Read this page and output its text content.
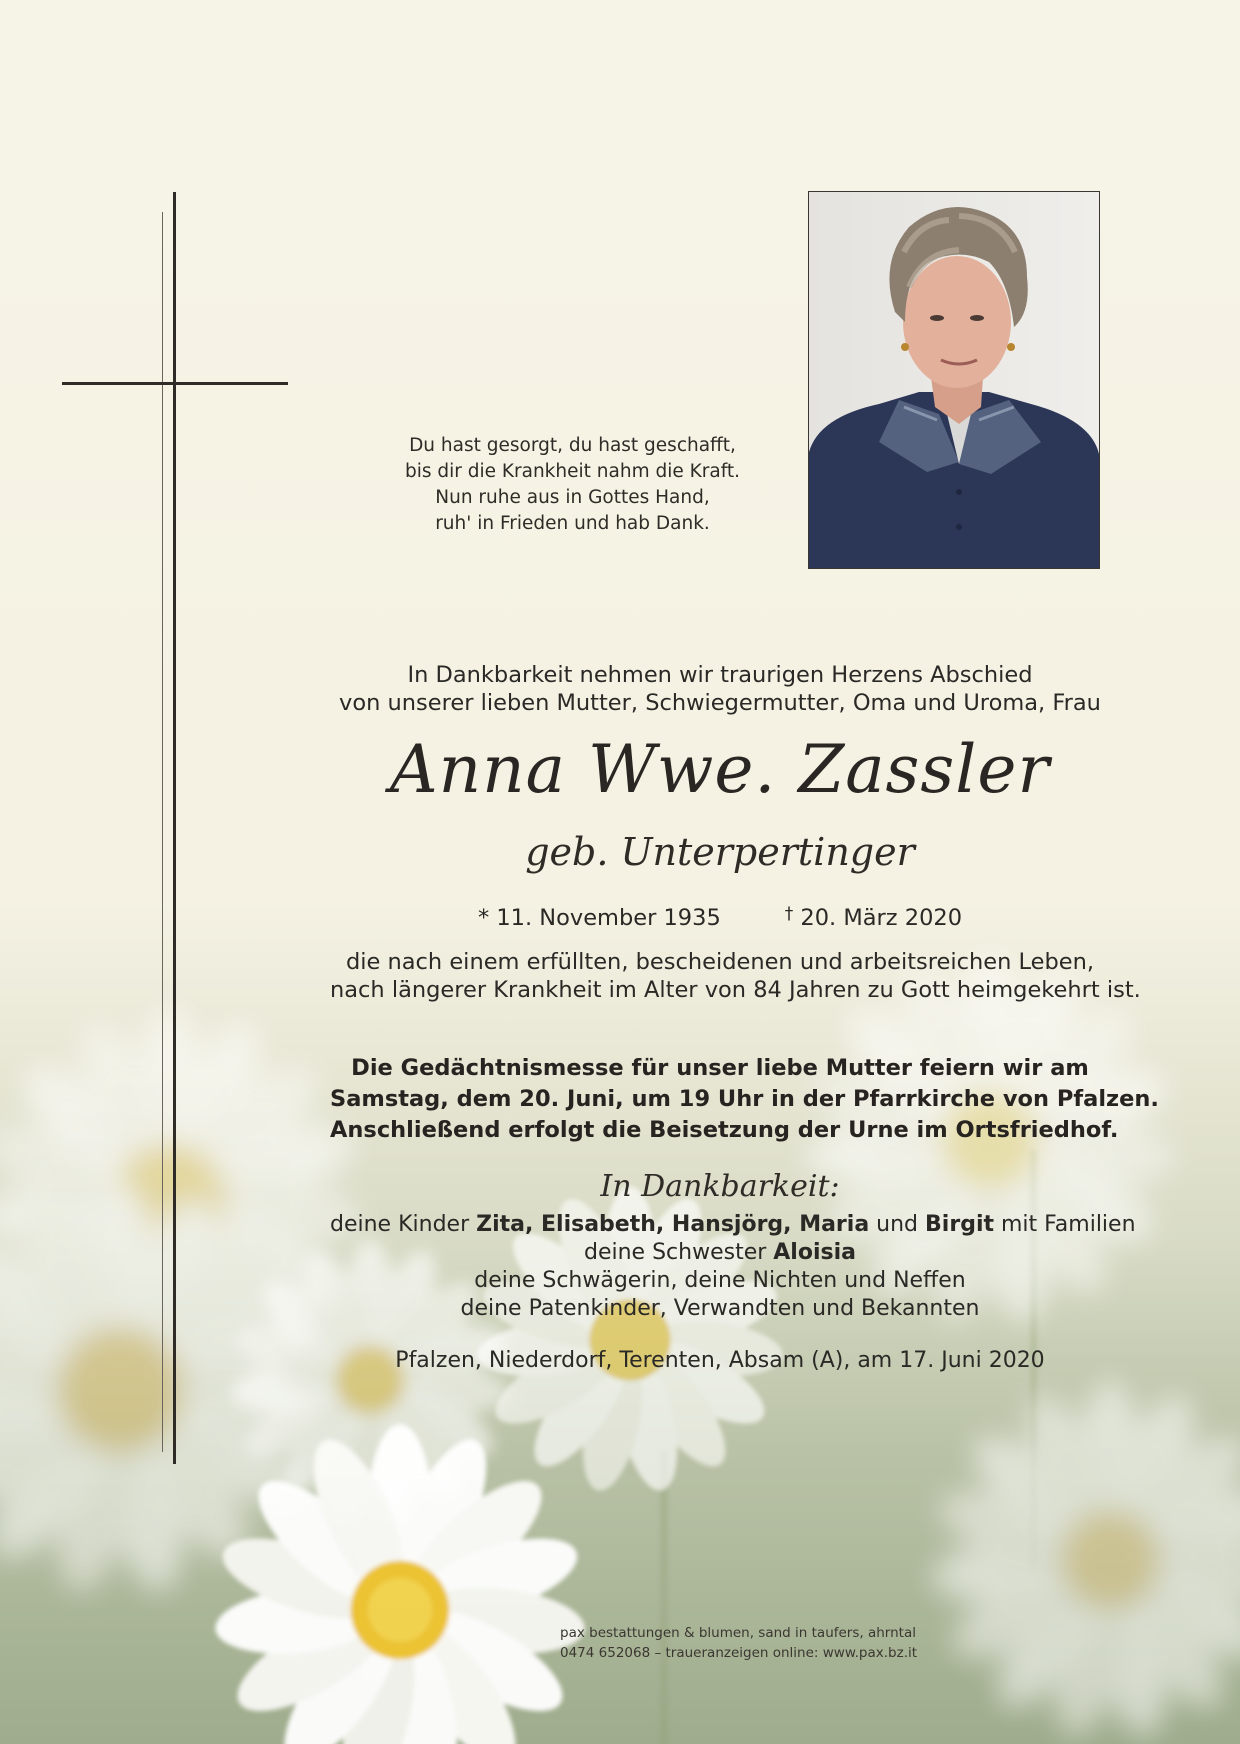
Du hast gesorgt, du hast geschafft,
bis dir die Krankheit nahm die Kraft.
Nun ruhe aus in Gottes Hand,
ruh' in Frieden und hab Dank.
In Dankbarkeit nehmen wir traurigen Herzens Abschied
von unserer lieben Mutter, Schwiegermutter, Oma und Uroma, Frau
Anna Wwe. Zassler
geb. Unterpertinger
* 11. November 1935	† 20. März 2020
die nach einem erfüllten, bescheidenen und arbeitsreichen Leben,
nach längerer Krankheit im Alter von 84 Jahren zu Gott heimgekehrt ist.
Die Gedächtnismesse für unser liebe Mutter feiern wir am
Samstag, dem 20. Juni, um 19 Uhr in der Pfarrkirche von Pfalzen.
Anschließend erfolgt die Beisetzung der Urne im Ortsfriedhof.
In Dankbarkeit:
deine Kinder Zita, Elisabeth, Hansjörg, Maria und Birgit mit Familien
deine Schwester Aloisia
deine Schwägerin, deine Nichten und Neffen
deine Patenkinder, Verwandten und Bekannten
Pfalzen, Niederdorf, Terenten, Absam (A), am 17. Juni 2020
pax bestattungen & blumen, sand in taufers, ahrntal
0474 652068 – traueranzeigen online: www.pax.bz.it
